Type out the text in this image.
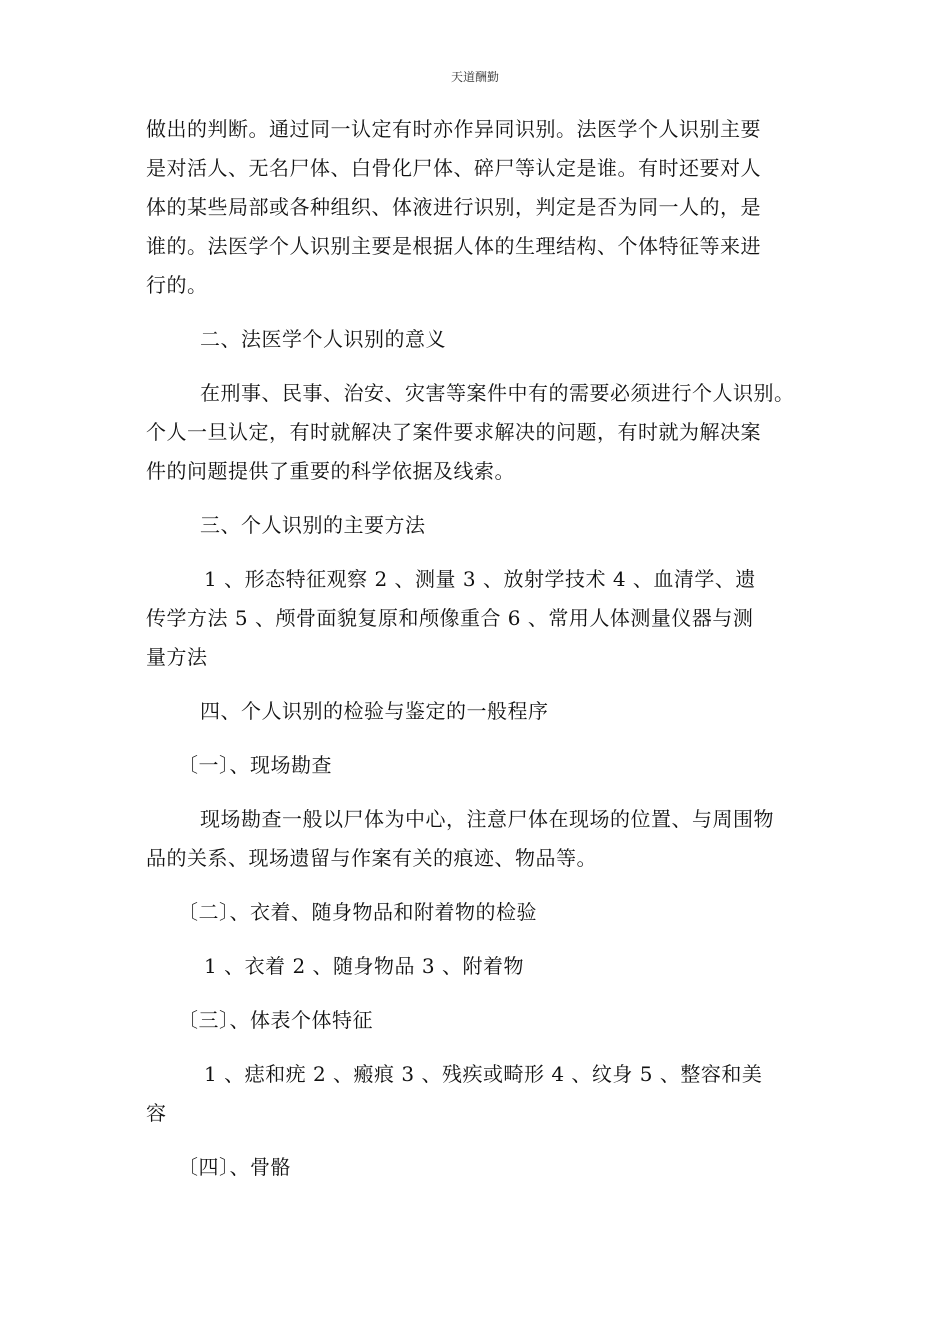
天道酬勤
做出的判断。通过同一认定有时亦作异同识别。法医学个人识别主要
是对活人、无名尸体、白骨化尸体、碎尸等认定是谁。有时还要对人
体的某些局部或各种组织、体液进行识别，判定是否为同一人的，是
谁的。法医学个人识别主要是根据人体的生理结构、个体特征等来进
行的。
二、法医学个人识别的意义
在刑事、民事、治安、灾害等案件中有的需要必须进行个人识别。
个人一旦认定，有时就解决了案件要求解决的问题，有时就为解决案
件的问题提供了重要的科学依据及线索。
三、个人识别的主要方法
1 、形态特征观察 2 、测量 3 、放射学技术 4 、血清学、遗
传学方法 5 、颅骨面貌复原和颅像重合 6 、常用人体测量仪器与测
量方法
四、个人识别的检验与鉴定的一般程序
〔一〕、现场勘查
现场勘查一般以尸体为中心，注意尸体在现场的位置、与周围物
品的关系、现场遗留与作案有关的痕迹、物品等。
〔二〕、衣着、随身物品和附着物的检验
1 、衣着 2 、随身物品 3 、附着物
〔三〕、体表个体特征
1 、痣和疣 2 、瘢痕 3 、残疾或畸形 4 、纹身 5 、整容和美
容
〔四〕、骨骼
